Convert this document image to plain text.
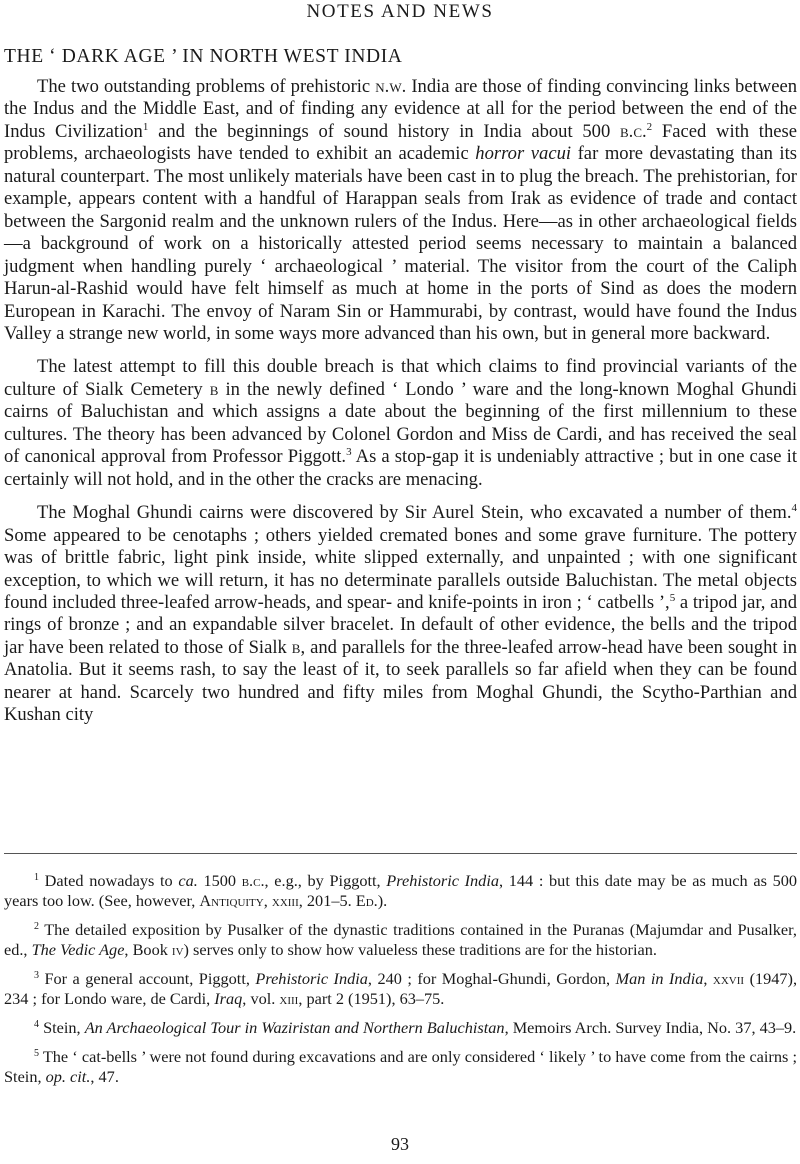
NOTES AND NEWS
THE ‘ DARK AGE ’ IN NORTH WEST INDIA

The two outstanding problems of prehistoric n.w. India are those of finding convincing links between the Indus and the Middle East, and of finding any evidence at all for the period between the end of the Indus Civilization$^1$ and the beginnings of sound history in India about 500 b.c.$^2$ Faced with these problems, archaeologists have tended to exhibit an academic horror vacui far more devastating than its natural counterpart. The most unlikely materials have been cast in to plug the breach. The prehistorian, for example, appears content with a handful of Harappan seals from Irak as evidence of trade and contact between the Sargonid realm and the unknown rulers of the Indus. Here—as in other archaeological fields—a background of work on a historically attested period seems necessary to maintain a balanced judgment when handling purely ‘ archaeological ’ material. The visitor from the court of the Caliph Harun-al-Rashid would have felt himself as much at home in the ports of Sind as does the modern European in Karachi. The envoy of Naram Sin or Hammurabi, by contrast, would have found the Indus Valley a strange new world, in some ways more advanced than his own, but in general more backward.

The latest attempt to fill this double breach is that which claims to find provincial variants of the culture of Sialk Cemetery b in the newly defined ‘ Londo ’ ware and the long-known Moghal Ghundi cairns of Baluchistan and which assigns a date about the beginning of the first millennium to these cultures. The theory has been advanced by Colonel Gordon and Miss de Cardi, and has received the seal of canonical approval from Professor Piggott.$^3$ As a stop-gap it is undeniably attractive ; but in one case it certainly will not hold, and in the other the cracks are menacing.

The Moghal Ghundi cairns were discovered by Sir Aurel Stein, who excavated a number of them.$^4$ Some appeared to be cenotaphs ; others yielded cremated bones and some grave furniture. The pottery was of brittle fabric, light pink inside, white slipped externally, and unpainted ; with one significant exception, to which we will return, it has no determinate parallels outside Baluchistan. The metal objects found included three-leafed arrow-heads, and spear- and knife-points in iron ; ‘ catbells ’,$^5$ a tripod jar, and rings of bronze ; and an expandable silver bracelet. In default of other evidence, the bells and the tripod jar have been related to those of Sialk b, and parallels for the three-leafed arrow-head have been sought in Anatolia. But it seems rash, to say the least of it, to seek parallels so far afield when they can be found nearer at hand. Scarcely two hundred and fifty miles from Moghal Ghundi, the Scytho-Parthian and Kushan city

$^1$ Dated nowadays to ca. 1500 b.c., e.g., by Piggott, Prehistoric India, 144 : but this date may be as much as 500 years too low. (See, however, Antiquity, xxiii, 201–5. Ed.).

$^2$ The detailed exposition by Pusalker of the dynastic traditions contained in the Puranas (Majumdar and Pusalker, ed., The Vedic Age, Book iv) serves only to show how valueless these traditions are for the historian.

$^3$ For a general account, Piggott, Prehistoric India, 240 ; for Moghal-Ghundi, Gordon, Man in India, xxvii (1947), 234 ; for Londo ware, de Cardi, Iraq, vol. xiii, part 2 (1951), 63–75.

$^4$ Stein, An Archaeological Tour in Waziristan and Northern Baluchistan, Memoirs Arch. Survey India, No. 37, 43–9.

$^5$ The ‘ cat-bells ’ were not found during excavations and are only considered ‘ likely ’ to have come from the cairns ; Stein, op. cit., 47.

93
